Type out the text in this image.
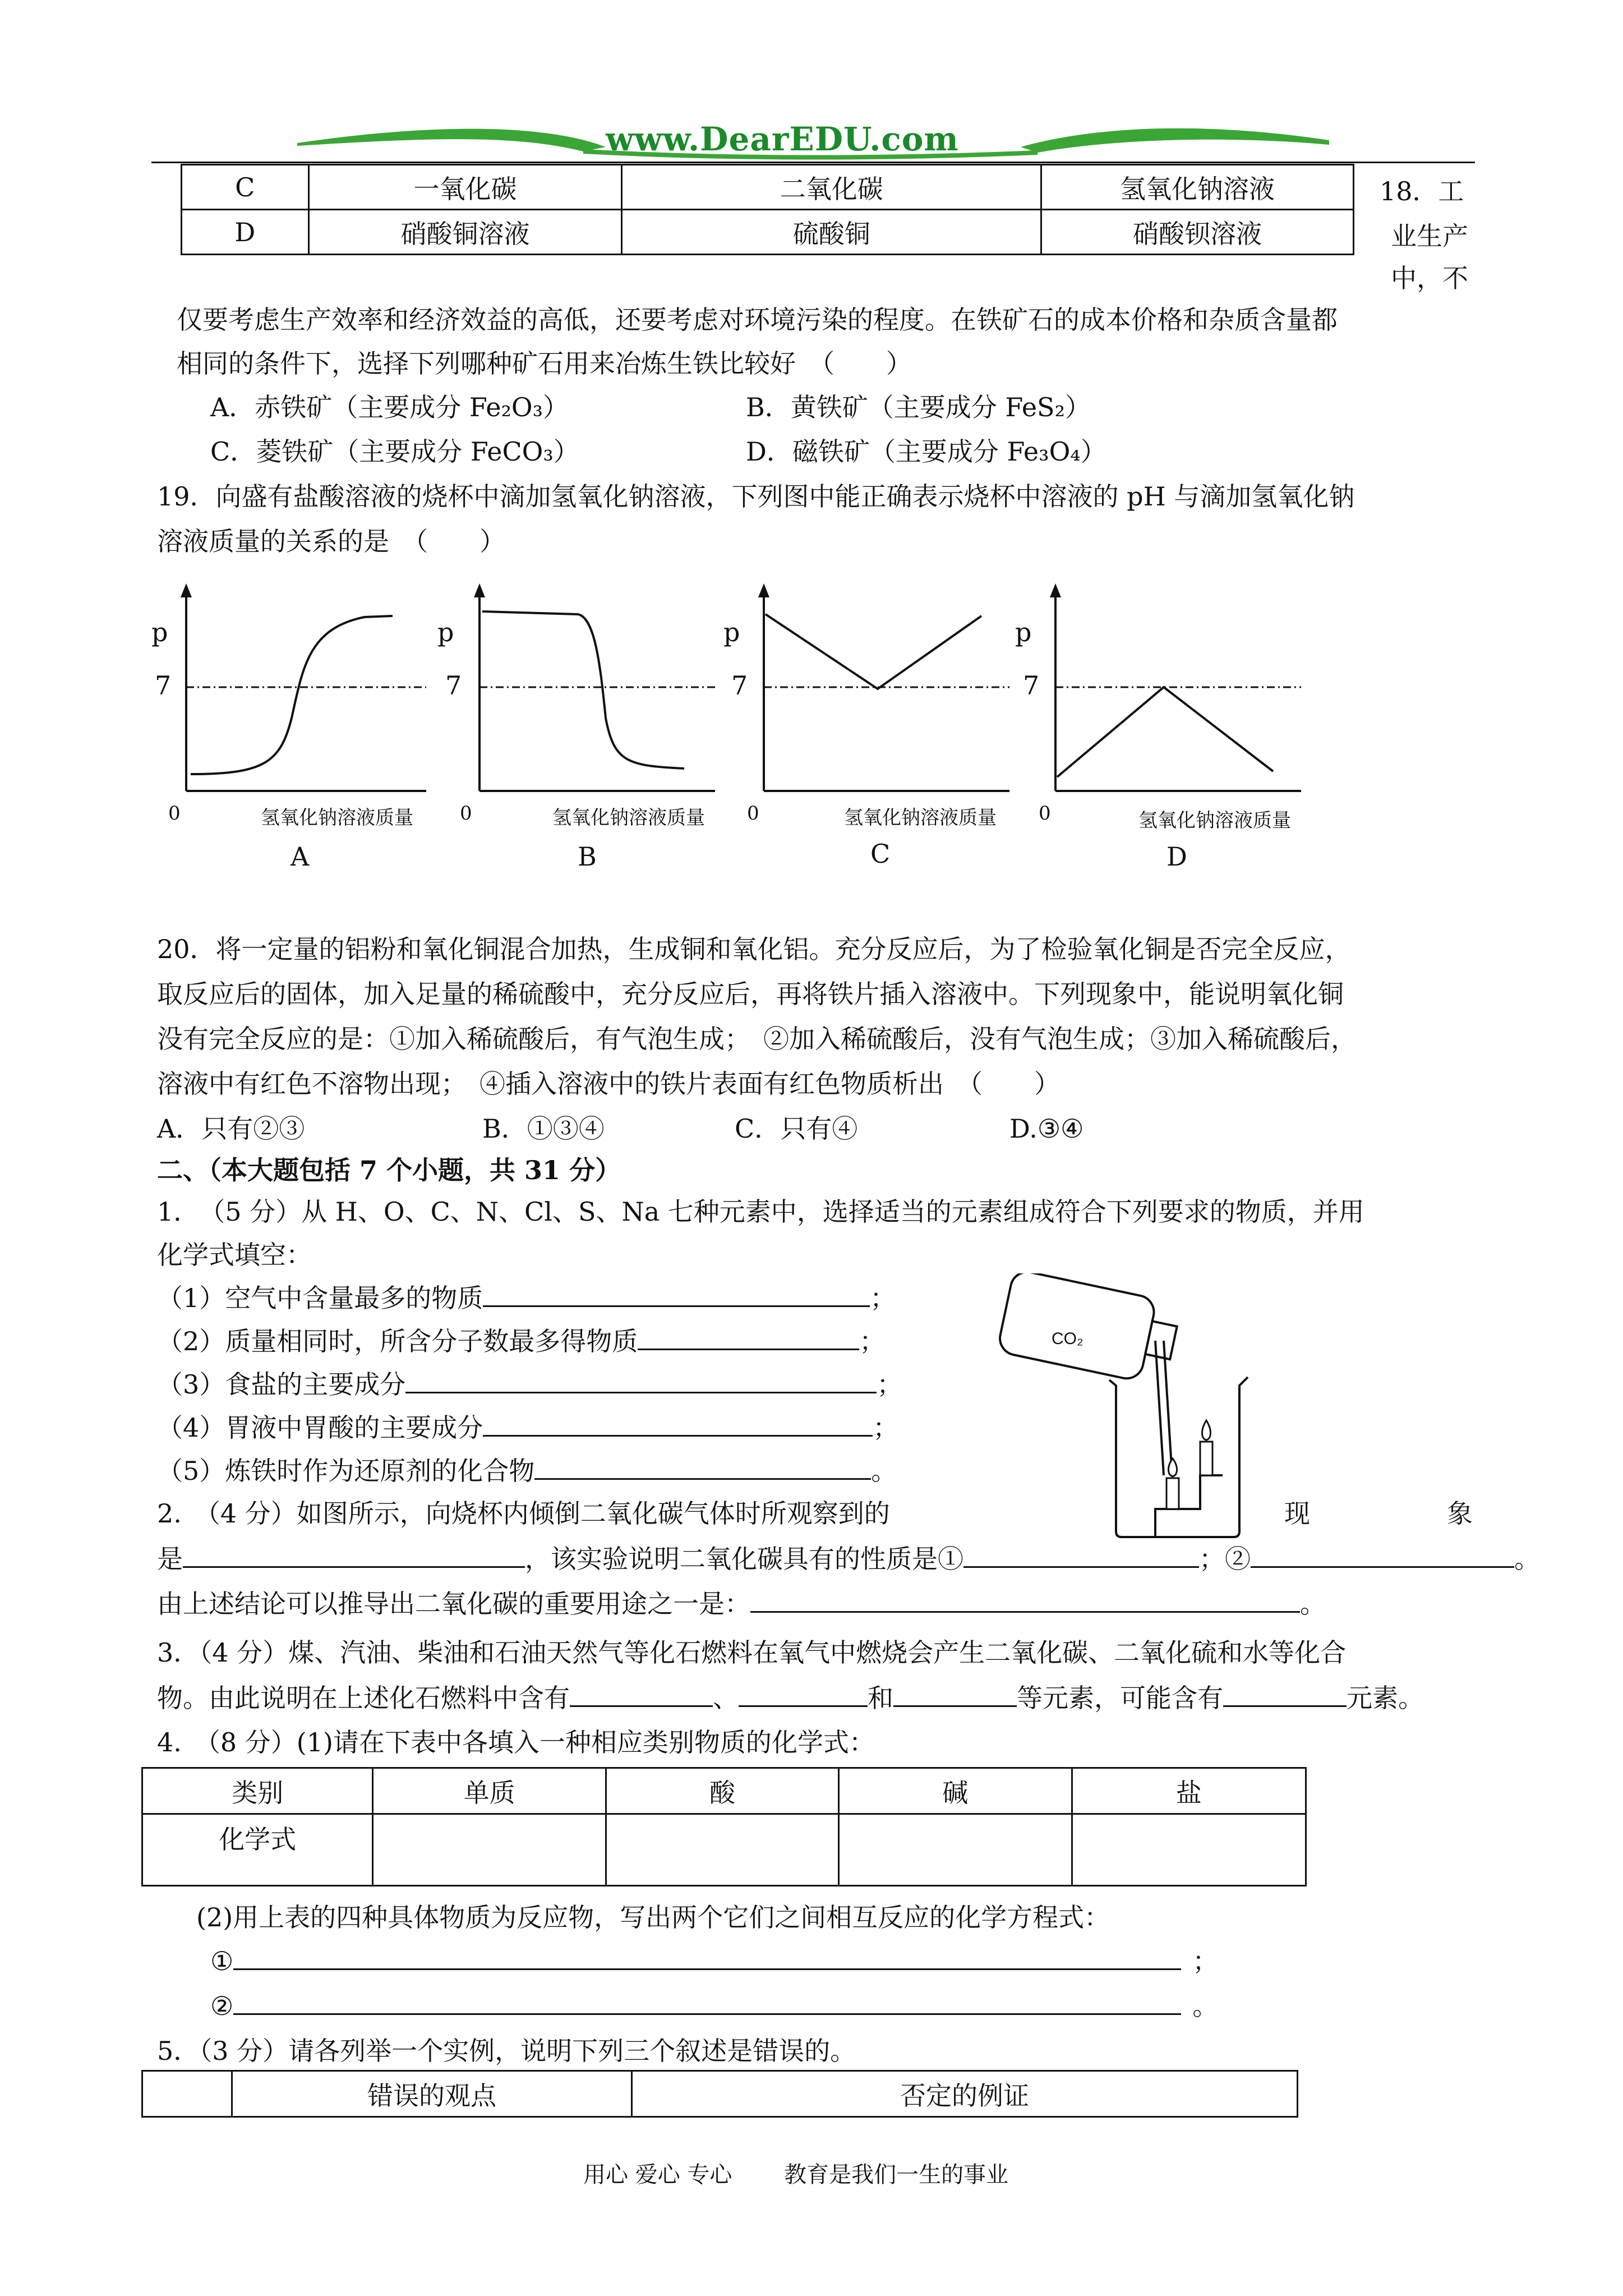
www.DearEDU.com
C	一氧化碳	二氧化碳	氢氧化钠溶液
D	硝酸铜溶液	硫酸铜	硝酸钡溶液
18．工
业生产
中，不
仅要考虑生产效率和经济效益的高低，还要考虑对环境污染的程度。在铁矿石的成本价格和杂质含量都
相同的条件下，选择下列哪种矿石用来冶炼生铁比较好　（　　）
A．赤铁矿（主要成分 Fe₂O₃）	B．黄铁矿（主要成分 FeS₂）
C．菱铁矿（主要成分 FeCO₃）	D．磁铁矿（主要成分 Fe₃O₄）
19．向盛有盐酸溶液的烧杯中滴加氢氧化钠溶液，下列图中能正确表示烧杯中溶液的 pH 与滴加氢氧化钠
溶液质量的关系的是　（　　）
p
7
0	氢氧化钠溶液质量
A
p
7
0	氢氧化钠溶液质量
B
p
7
0	氢氧化钠溶液质量
C
p
7
0	氢氧化钠溶液质量
D
20．将一定量的铝粉和氧化铜混合加热，生成铜和氧化铝。充分反应后，为了检验氧化铜是否完全反应，
取反应后的固体，加入足量的稀硫酸中，充分反应后，再将铁片插入溶液中。下列现象中，能说明氧化铜
没有完全反应的是：①加入稀硫酸后，有气泡生成；　②加入稀硫酸后，没有气泡生成；③加入稀硫酸后，
溶液中有红色不溶物出现；　④插入溶液中的铁片表面有红色物质析出　（　　）
A．只有②③	B．①③④	C．只有④	D.③④
二、（本大题包括 7 个小题，共 31 分）
1．　（5 分）从 H、O、C、N、Cl、S、Na 七种元素中，选择适当的元素组成符合下列要求的物质，并用
化学式填空：
（1）空气中含量最多的物质	；
（2）质量相同时，所含分子数最多得物质	；
（3）食盐的主要成分	；
（4）胃液中胃酸的主要成分	；
（5）炼铁时作为还原剂的化合物	。
CO₂
2.　（4 分）如图所示，向烧杯内倾倒二氧化碳气体时所观察到的	现	象
是	，该实验说明二氧化碳具有的性质是①	；②	。
由上述结论可以推导出二氧化碳的重要用途之一是：	。
3．（4 分）煤、汽油、柴油和石油天然气等化石燃料在氧气中燃烧会产生二氧化碳、二氧化硫和水等化合
物。由此说明在上述化石燃料中含有	、	和	等元素，可能含有	元素。
4.　（8 分）(1)请在下表中各填入一种相应类别物质的化学式：
类别	单质	酸	碱	盐
化学式				
(2)用上表的四种具体物质为反应物，写出两个它们之间相互反应的化学方程式：
①	；
②	。
5．（3 分）请各列举一个实例，说明下列三个叙述是错误的。
	错误的观点	否定的例证
用心 爱心 专心　　 教育是我们一生的事业
